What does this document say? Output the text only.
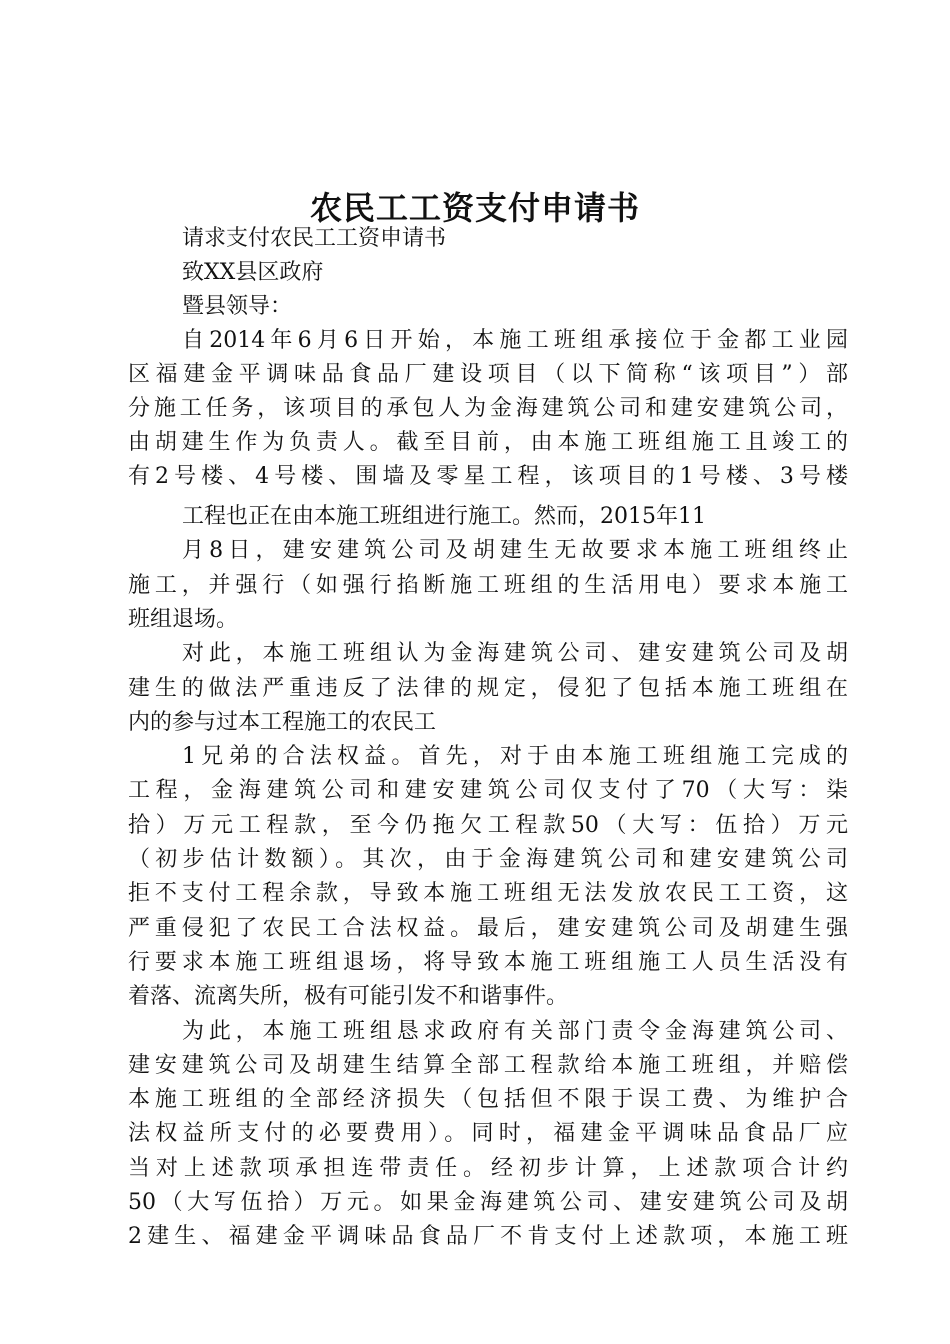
农民工工资支付申请书
请求支付农民工工资申请书
致XX县区政府
暨县领导：
自2014年6月6日开始，本施工班组承接位于金都工业园
区福建金平调味品食品厂建设项目（以下简称“该项目”）部
分施工任务，该项目的承包人为金海建筑公司和建安建筑公司，
由胡建生作为负责人。截至目前，由本施工班组施工且竣工的
有2号楼、4号楼、围墙及零星工程，该项目的1号楼、3号楼
工程也正在由本施工班组进行施工。然而，2015年11
月8日，建安建筑公司及胡建生无故要求本施工班组终止
施工，并强行（如强行掐断施工班组的生活用电）要求本施工
班组退场。
对此，本施工班组认为金海建筑公司、建安建筑公司及胡
建生的做法严重违反了法律的规定，侵犯了包括本施工班组在
内的参与过本工程施工的农民工
1兄弟的合法权益。首先，对于由本施工班组施工完成的
工程，金海建筑公司和建安建筑公司仅支付了70（大写：柒
拾）万元工程款，至今仍拖欠工程款50（大写：伍拾）万元
（初步估计数额）。其次，由于金海建筑公司和建安建筑公司
拒不支付工程余款，导致本施工班组无法发放农民工工资，这
严重侵犯了农民工合法权益。最后，建安建筑公司及胡建生强
行要求本施工班组退场，将导致本施工班组施工人员生活没有
着落、流离失所，极有可能引发不和谐事件。
为此，本施工班组恳求政府有关部门责令金海建筑公司、
建安建筑公司及胡建生结算全部工程款给本施工班组，并赔偿
本施工班组的全部经济损失（包括但不限于误工费、为维护合
法权益所支付的必要费用）。同时，福建金平调味品食品厂应
当对上述款项承担连带责任。经初步计算，上述款项合计约
50（大写伍拾）万元。如果金海建筑公司、建安建筑公司及胡
2建生、福建金平调味品食品厂不肯支付上述款项，本施工班
